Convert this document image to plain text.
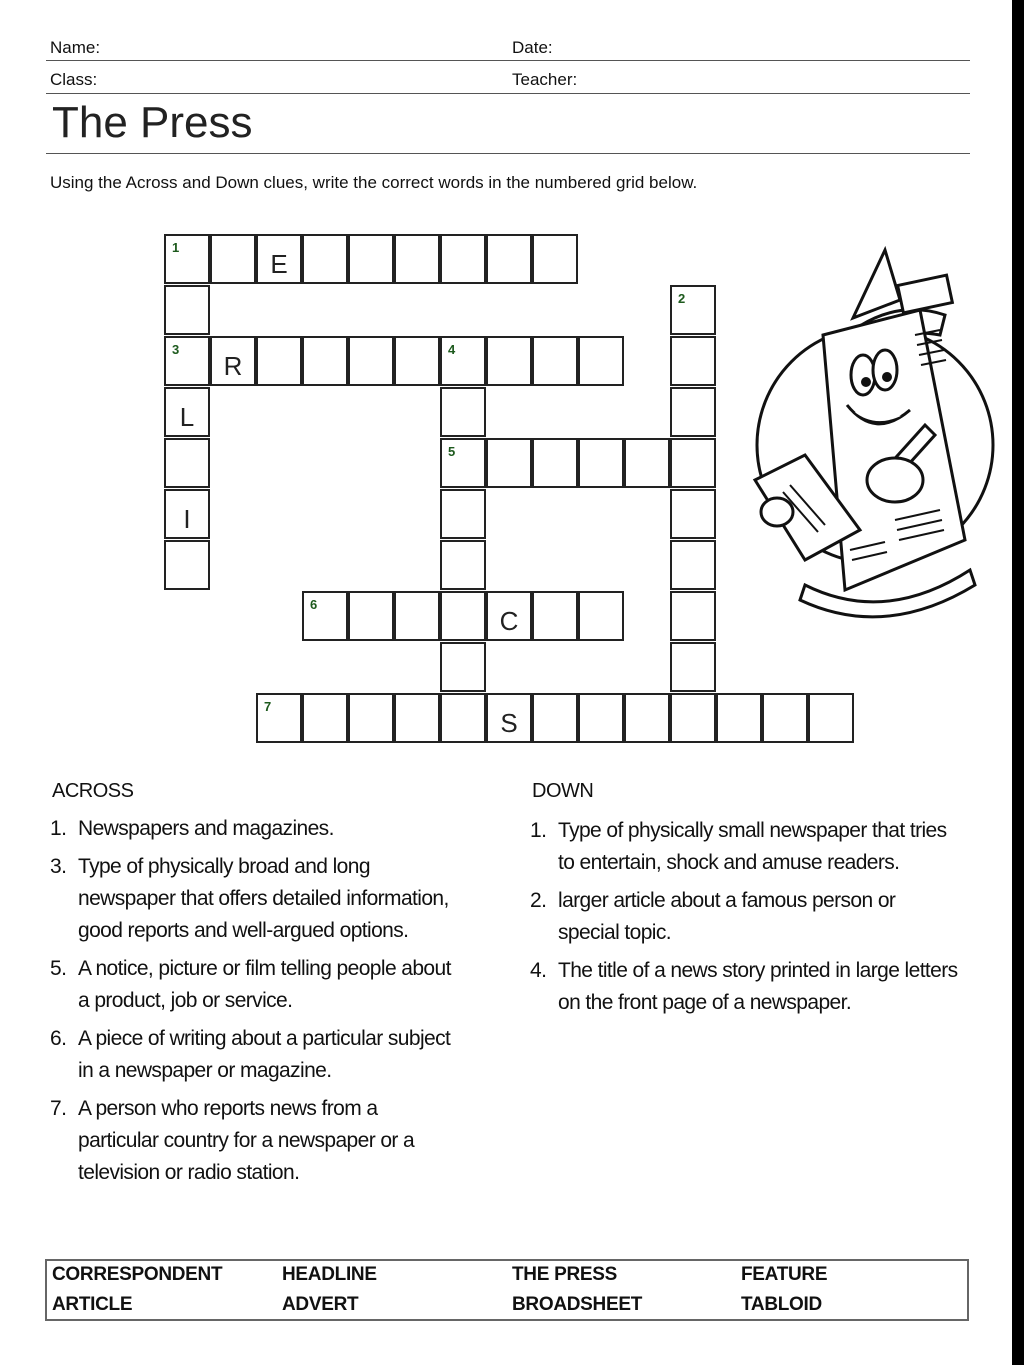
Name:	Date:
Class:	Teacher:
The Press
Using the Across and Down clues, write the correct words in the numbered grid below.
1
E
3
L
I
R
4
2
5
6
C
7
S
ACROSS
1. Newspapers and magazines.
3. Type of physically broad and long newspaper that offers detailed information, good reports and well-argued options.
5. A notice, picture or film telling people about a product, job or service.
6. A piece of writing about a particular subject in a newspaper or magazine.
7. A person who reports news from a particular country for a newspaper or a television or radio station.
DOWN
1. Type of physically small newspaper that tries to entertain, shock and amuse readers.
2. larger article about a famous person or special topic.
4. The title of a news story printed in large letters on the front page of a newspaper.
CORRESPONDENT	HEADLINE	THE PRESS	FEATURE
ARTICLE	ADVERT	BROADSHEET	TABLOID
